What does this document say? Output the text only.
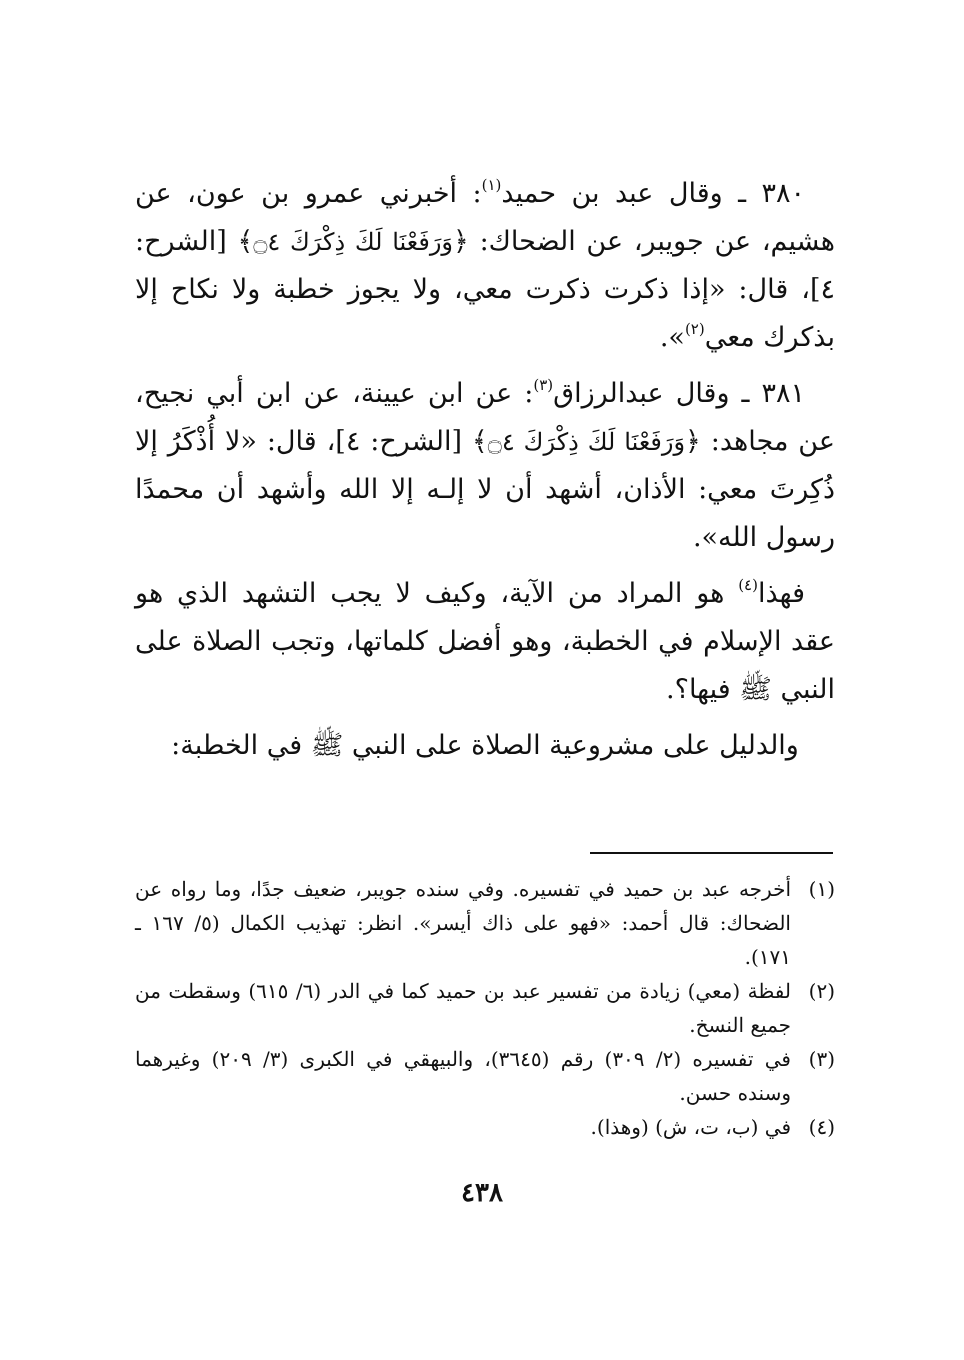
٣٨٠ ـ وقال عبد بن حميد$^{(١)}$: أخبرني عمرو بن عون، عن هشيم، عن جويبر، عن الضحاك: ﴿وَرَفَعْنَا لَكَ ذِكْرَكَ ۝٤﴾ [الشرح: ٤]، قال: «إذا ذكرت ذكرت معي، ولا يجوز خطبة ولا نكاح إلا بذكرك معي$^{(٢)}$».

٣٨١ ـ وقال عبدالرزاق$^{(٣)}$: عن ابن عيينة، عن ابن أبي نجيح، عن مجاهد: ﴿وَرَفَعْنَا لَكَ ذِكْرَكَ ۝٤﴾ [الشرح: ٤]، قال: «لا أُذْكَرُ إلا ذُكِرتَ معي: الأذان، أشهد أن لا إلـه إلا الله وأشهد أن محمدًا رسول الله».

فهذا$^{(٤)}$ هو المراد من الآية، وكيف لا يجب التشهد الذي هو عقد الإسلام في الخطبة، وهو أفضل كلماتها، وتجب الصلاة على النبي ﷺ فيها؟.

والدليل على مشروعية الصلاة على النبي ﷺ في الخطبة:

(١)
أخرجه عبد بن حميد في تفسيره. وفي سنده جويبر، ضعيف جدًا، وما رواه عن الضحاك: قال أحمد: «فهو على ذاك أيسر». انظر: تهذيب الكمال (٥/ ١٦٧ ـ ١٧١).
(٢)
لفظة (معي) زيادة من تفسير عبد بن حميد كما في الدر (٦/ ٦١٥) وسقطت من جميع النسخ.
(٣)
في تفسيره (٢/ ٣٠٩) رقم (٣٦٤٥)، والبيهقي في الكبرى (٣/ ٢٠٩) وغيرهما وسنده حسن.
(٤)
في (ب، ت، ش) (وهذا).
٤٣٨
